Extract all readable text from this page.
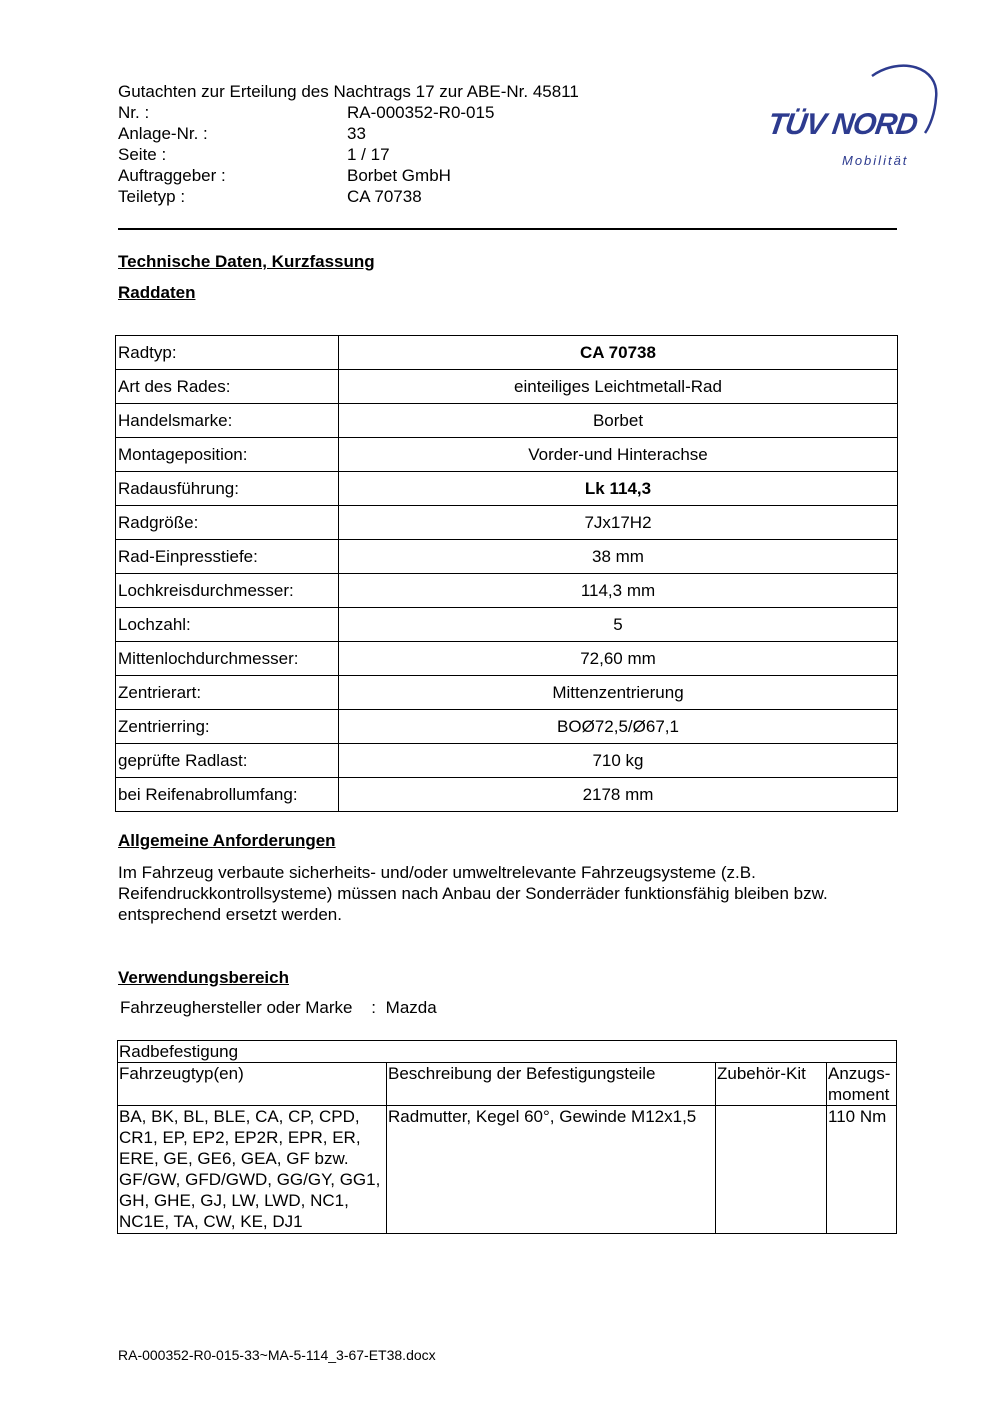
Gutachten zur Erteilung des Nachtrags 17 zur ABE-Nr. 45811
Nr. :	RA-000352-R0-015
Anlage-Nr. :	33
Seite :	1 / 17
Auftraggeber :	Borbet GmbH
Teiletyp :	CA 70738
TÜV NORD
Mobilität
Technische Daten, Kurzfassung
Raddaten
Radtyp:	CA 70738
Art des Rades:	einteiliges Leichtmetall-Rad
Handelsmarke:	Borbet
Montageposition:	Vorder-und Hinterachse
Radausführung:	Lk 114,3
Radgröße:	7Jx17H2
Rad-Einpresstiefe:	38 mm
Lochkreisdurchmesser:	114,3 mm
Lochzahl:	5
Mittenlochdurchmesser:	72,60 mm
Zentrierart:	Mittenzentrierung
Zentrierring:	BOØ72,5/Ø67,1
geprüfte Radlast:	710 kg
bei Reifenabrollumfang:	2178 mm
Allgemeine Anforderungen
Im Fahrzeug verbaute sicherheits- und/oder umweltrelevante Fahrzeugsysteme (z.B. Reifendruckkontrollsysteme) müssen nach Anbau der Sonderräder funktionsfähig bleiben bzw. entsprechend ersetzt werden.
Verwendungsbereich
Fahrzeughersteller oder Marke : Mazda
Radbefestigung			
Fahrzeugtyp(en)	Beschreibung der Befestigungsteile	Zubehör-Kit	Anzugs-
moment
BA, BK, BL, BLE, CA, CP, CPD, CR1, EP, EP2, EP2R, EPR, ER, ERE, GE, GE6, GEA, GF bzw. GF/GW, GFD/GWD, GG/GY, GG1, GH, GHE, GJ, LW, LWD, NC1, NC1E, TA, CW, KE, DJ1	Radmutter, Kegel 60°, Gewinde M12x1,5		110 Nm
RA-000352-R0-015-33~MA-5-114_3-67-ET38.docx
